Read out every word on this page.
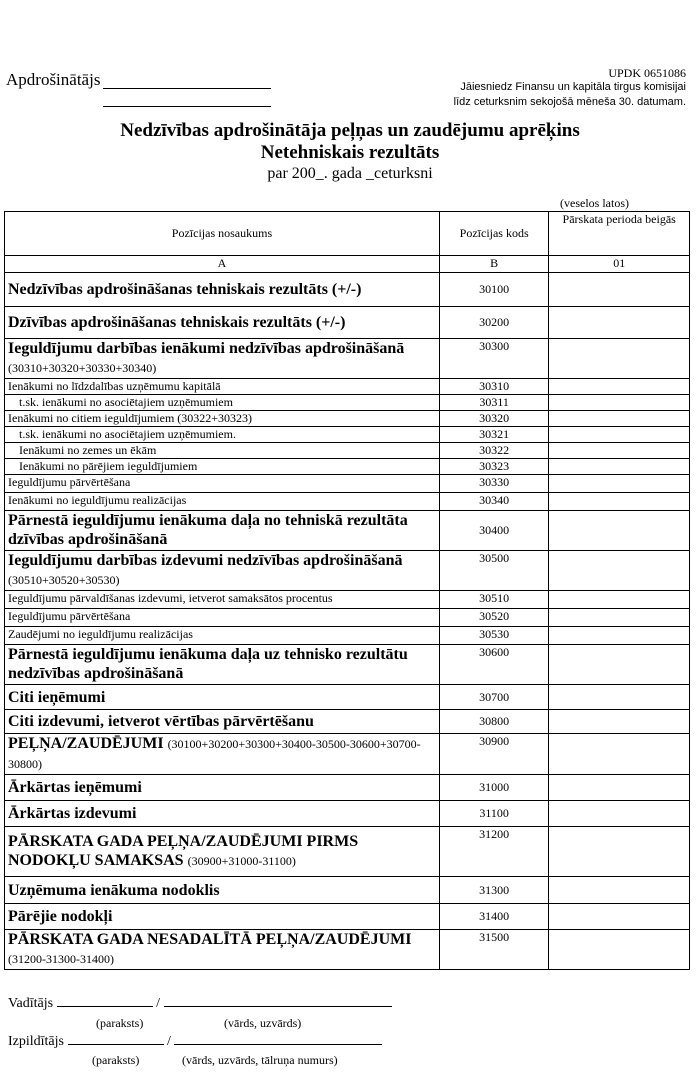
Apdrošinātājs	UPDK 0651086
Jāiesniedz Finansu un kapitāla tirgus komisijai
līdz ceturksnim sekojošā mēneša 30. datumam.
Nedzīvības apdrošinātāja peļņas un zaudējumu aprēķins
Netehniskais rezultāts
par 200_. gada _ceturksni
(veselos latos)
Pozīcijas nosaukums	Pozīcijas kods	Pārskata perioda beigās
A	B	01
Nedzīvības apdrošināšanas tehniskais rezultāts (+/-)	30100	
Dzīvības apdrošināšanas tehniskais rezultāts (+/-)	30200	
Ieguldījumu darbības ienākumi nedzīvības apdrošināšanā
(30310+30320+30330+30340)	30300	
Ienākumi no līdzdalības uzņēmumu kapitālā	30310	
t.sk. ienākumi no asociētajiem uzņēmumiem	30311	
Ienākumi no citiem ieguldījumiem (30322+30323)	30320	
t.sk. ienākumi no asociētajiem uzņēmumiem.	30321	
Ienākumi no zemes un ēkām	30322	
Ienākumi no pārējiem ieguldījumiem	30323	
Ieguldījumu pārvērtēšana	30330	
Ienākumi no ieguldījumu realizācijas	30340	
Pārnestā ieguldījumu ienākuma daļa no tehniskā rezultāta dzīvības apdrošināšanā	30400	
Ieguldījumu darbības izdevumi nedzīvības apdrošināšanā
(30510+30520+30530)	30500	
Ieguldījumu pārvaldīšanas izdevumi, ietverot samaksātos procentus	30510	
Ieguldījumu pārvērtēšana	30520	
Zaudējumi no ieguldījumu realizācijas	30530	
Pārnestā ieguldījumu ienākuma daļa uz tehnisko rezultātu nedzīvības apdrošināšanā	30600	
Citi ieņēmumi	30700	
Citi izdevumi, ietverot vērtības pārvērtēšanu	30800	
PEĻŅA/ZAUDĒJUMI (30100+30200+30300+30400-30500-30600+30700-30800)	30900	
Ārkārtas ieņēmumi	31000	
Ārkārtas izdevumi	31100	
PĀRSKATA GADA PEĻŅA/ZAUDĒJUMI PIRMS NODOKĻU SAMAKSAS (30900+31000-31100)	31200	
Uzņēmuma ienākuma nodoklis	31300	
Pārējie nodokļi	31400	
PĀRSKATA GADA NESADALĪTĀ PEĻŅA/ZAUDĒJUMI (31200-31300-31400)	31500	
Vadītājs	/
(paraksts)	(vārds, uzvārds)
Izpildītājs	/
(paraksts)	(vārds, uzvārds, tālruņa numurs)
